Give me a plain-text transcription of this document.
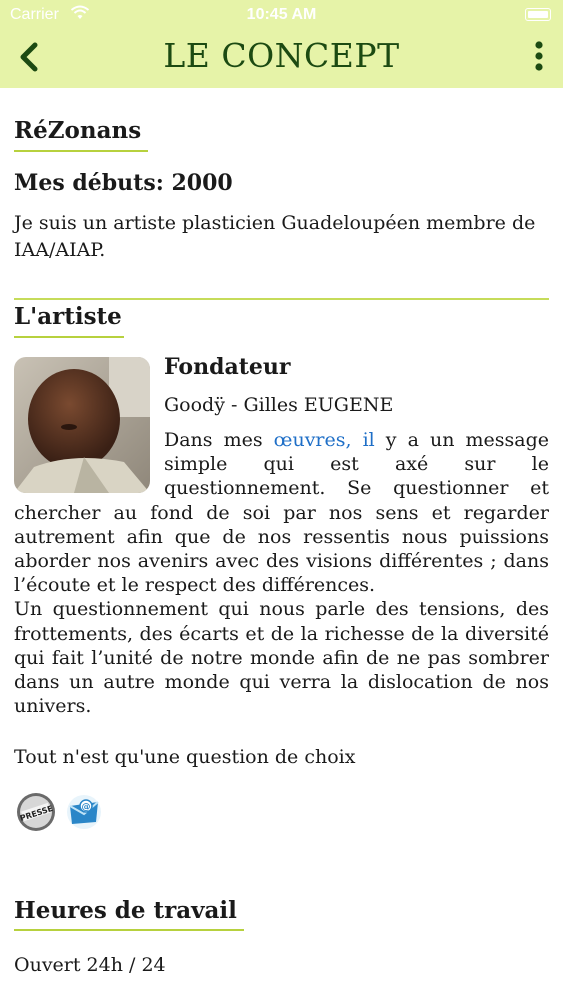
Carrier	10:45 AM
LE CONCEPT
RéZonans
Mes débuts: 2000
Je suis un artiste plasticien Guadeloupéen membre de IAA/AIAP.
L'artiste
Fondateur
Goodÿ - Gilles EUGENE

Dans mes œuvres, il y a un message simple qui est axé sur le questionnement. Se questionner et chercher au fond de soi par nos sens et regarder autrement afin que de nos ressentis nous puissions aborder nos avenirs avec des visions différentes ; dans l’écoute et le respect des différences.
Un questionnement qui nous parle des tensions, des frottements, des écarts et de la richesse de la diversité qui fait l’unité de notre monde afin de ne pas sombrer dans un autre monde qui verra la dislocation de nos univers.

Tout n'est qu'une question de choix
PRESSE	@
Heures de travail
Ouvert 24h / 24
